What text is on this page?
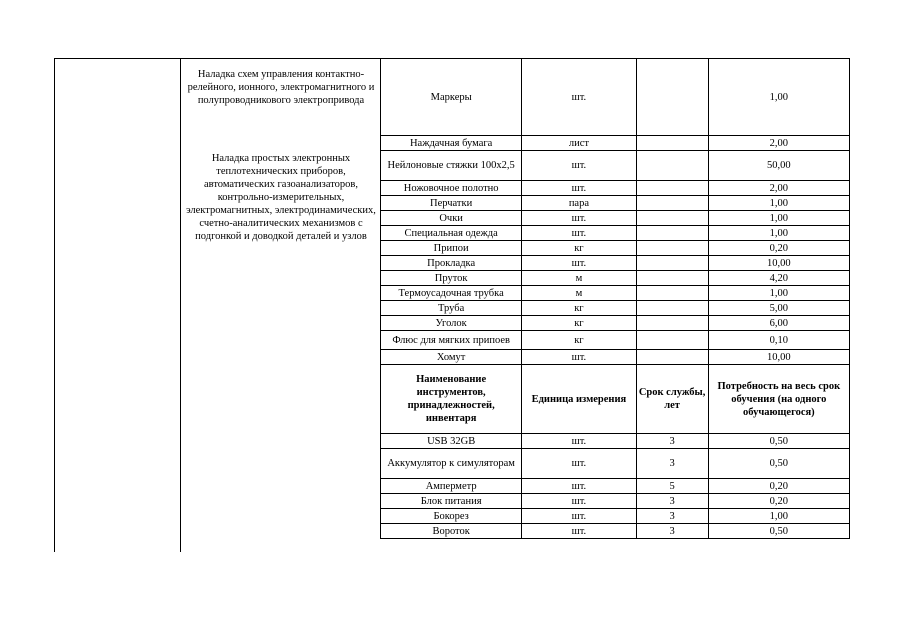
Наладка схем управления контактно-релейного, ионного, электромагнитного и полупроводникового электропривода
Наладка простых электронных теплотехнических приборов, автоматических газоанализаторов, контрольно-измерительных, электромагнитных, электродинамических, счетно-аналитических механизмов с подгонкой и доводкой деталей и узлов
Маркеры	шт.		1,00
Наждачная бумага	лист		2,00
Нейлоновые стяжки 100х2,5	шт.		50,00
Ножовочное полотно	шт.		2,00
Перчатки	пара		1,00
Очки	шт.		1,00
Специальная одежда	шт.		1,00
Припои	кг		0,20
Прокладка	шт.		10,00
Пруток	м		4,20
Термоусадочная трубка	м		1,00
Труба	кг		5,00
Уголок	кг		6,00
Флюс для мягких припоев	кг		0,10
Хомут	шт.		10,00
Наименование инструментов, принадлежностей, инвентаря	Единица измерения	Срок службы, лет	Потребность на весь срок обучения (на одного обучающегося)
USB 32GB	шт.	3	0,50
Аккумулятор к симуляторам	шт.	3	0,50
Амперметр	шт.	5	0,20
Блок питания	шт.	3	0,20
Бокорез	шт.	3	1,00
Вороток	шт.	3	0,50
